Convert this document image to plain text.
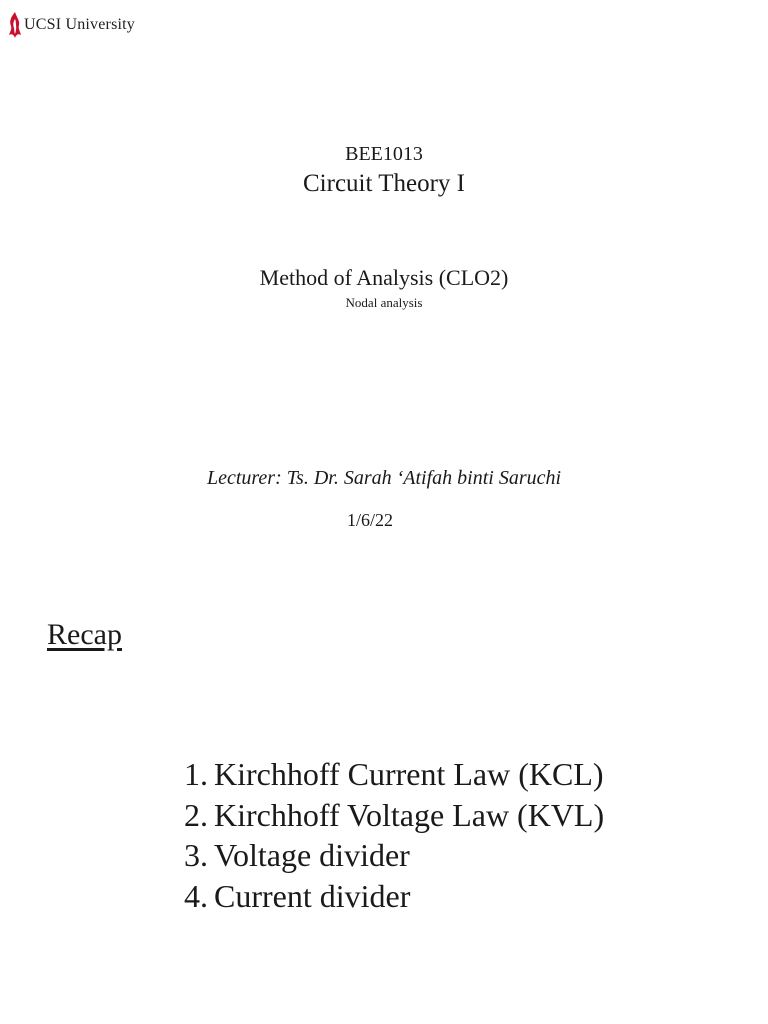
UCSI University
BEE1013
Circuit Theory I
Method of Analysis (CLO2)
Nodal analysis
Lecturer: Ts. Dr. Sarah ‘Atifah binti Saruchi
1/6/22
Recap
1. Kirchhoff Current Law (KCL)
2. Kirchhoff Voltage Law (KVL)
3. Voltage divider
4. Current divider
